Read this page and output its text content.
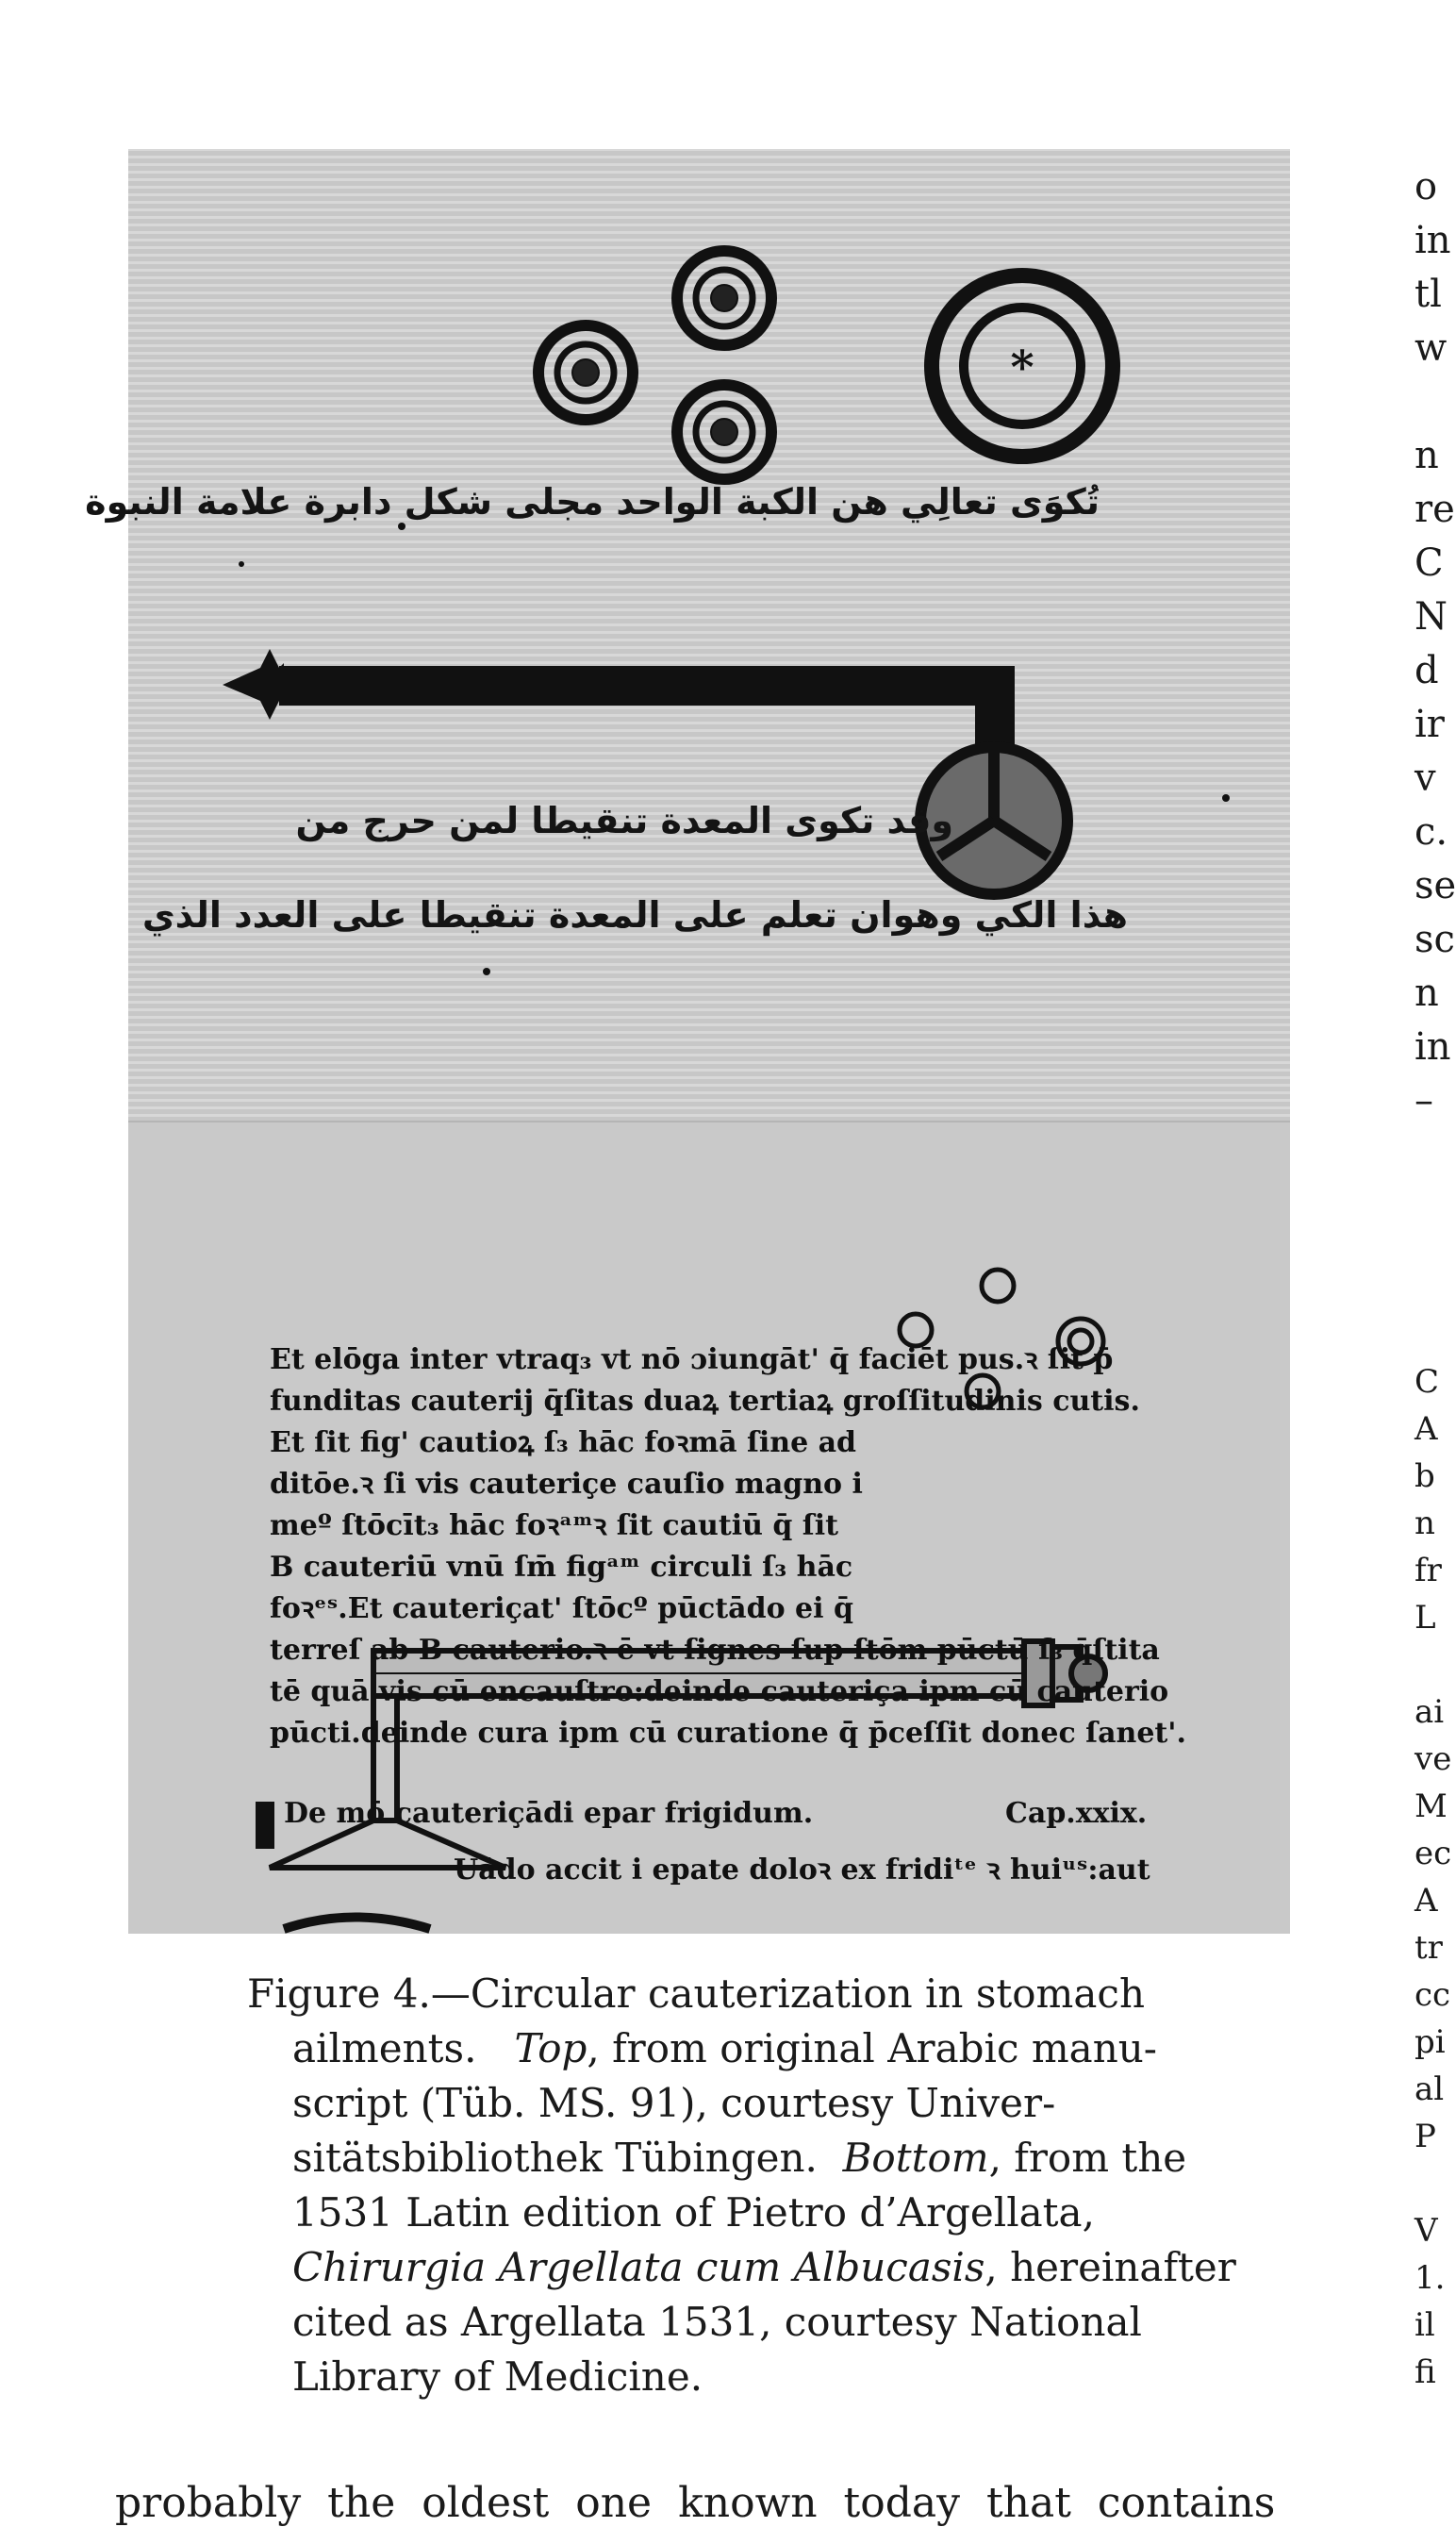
*
تُكوَى تعالِي هن الكبة الواحد مجلى شكل دابرة علامة النبوة
وقد تكوى المعدة تنقيطا لمن حرج من
هذا الكي وهوان تعلم على المعدة تنقيطا على العدد الذي
Et elōga inter vtraq₃ vt nō ɔiungāt' q̄ faciēt pus.ꝛ ſit p̄
funditas cauterij q̄ſitas duaꝝ tertiaꝝ groſſitudinis cutis.
Et ſit fig' cautioꝝ ſ₃ hāc foꝛmā ſine ad
ditōe.ꝛ ſi vis cauteriçe cauſio magno i
meº ſtōcīt₃ hāc foꝛᵃᵐꝛ ſit cautiū q̄ ſit
B cauteriū vnū ſm̄ figᵃᵐ circuli ſ₃ hāc
foꝛᵉˢ.Et cauteriçat' ſtōcº pūctādo ei q̄
terreſ ab B cauterio.ꝛ ē vt ſignes ſup ſtōm pūctū ſ₃ q̄ſtita
tē quā vis cū encauſtro:deinde cauteriça ipm cū cauterio
pūcti.deinde cura ipm cū curatione q̄ p̄ceſſit donec ſanet'.
De mō cauteriçādi epar frigidum.	Cap.xxix.
Uādo accit i epate doloꝛ ex fridiᵗᵉ ꝛ huiᵘˢ:aut
Figure 4.—Circular cauterization in stomach
ailments. Top, from original Arabic manu-
script (Tüb. MS. 91), courtesy Univer-
sitätsbibliothek Tübingen. Bottom, from the
1531 Latin edition of Pietro d’Argellata,
Chirurgia Argellata cum Albucasis, hereinafter
cited as Argellata 1531, courtesy National
Library of Medicine.
o
in
tl
w

n
re
C
N
d
ir
v
c.
se
sc
n
in
–
C
A
b
n
fr
L

ai
ve
M
ec
A
tr
cc
pi
al
P

V
1.
il
fi
probably the oldest one known today that contains
